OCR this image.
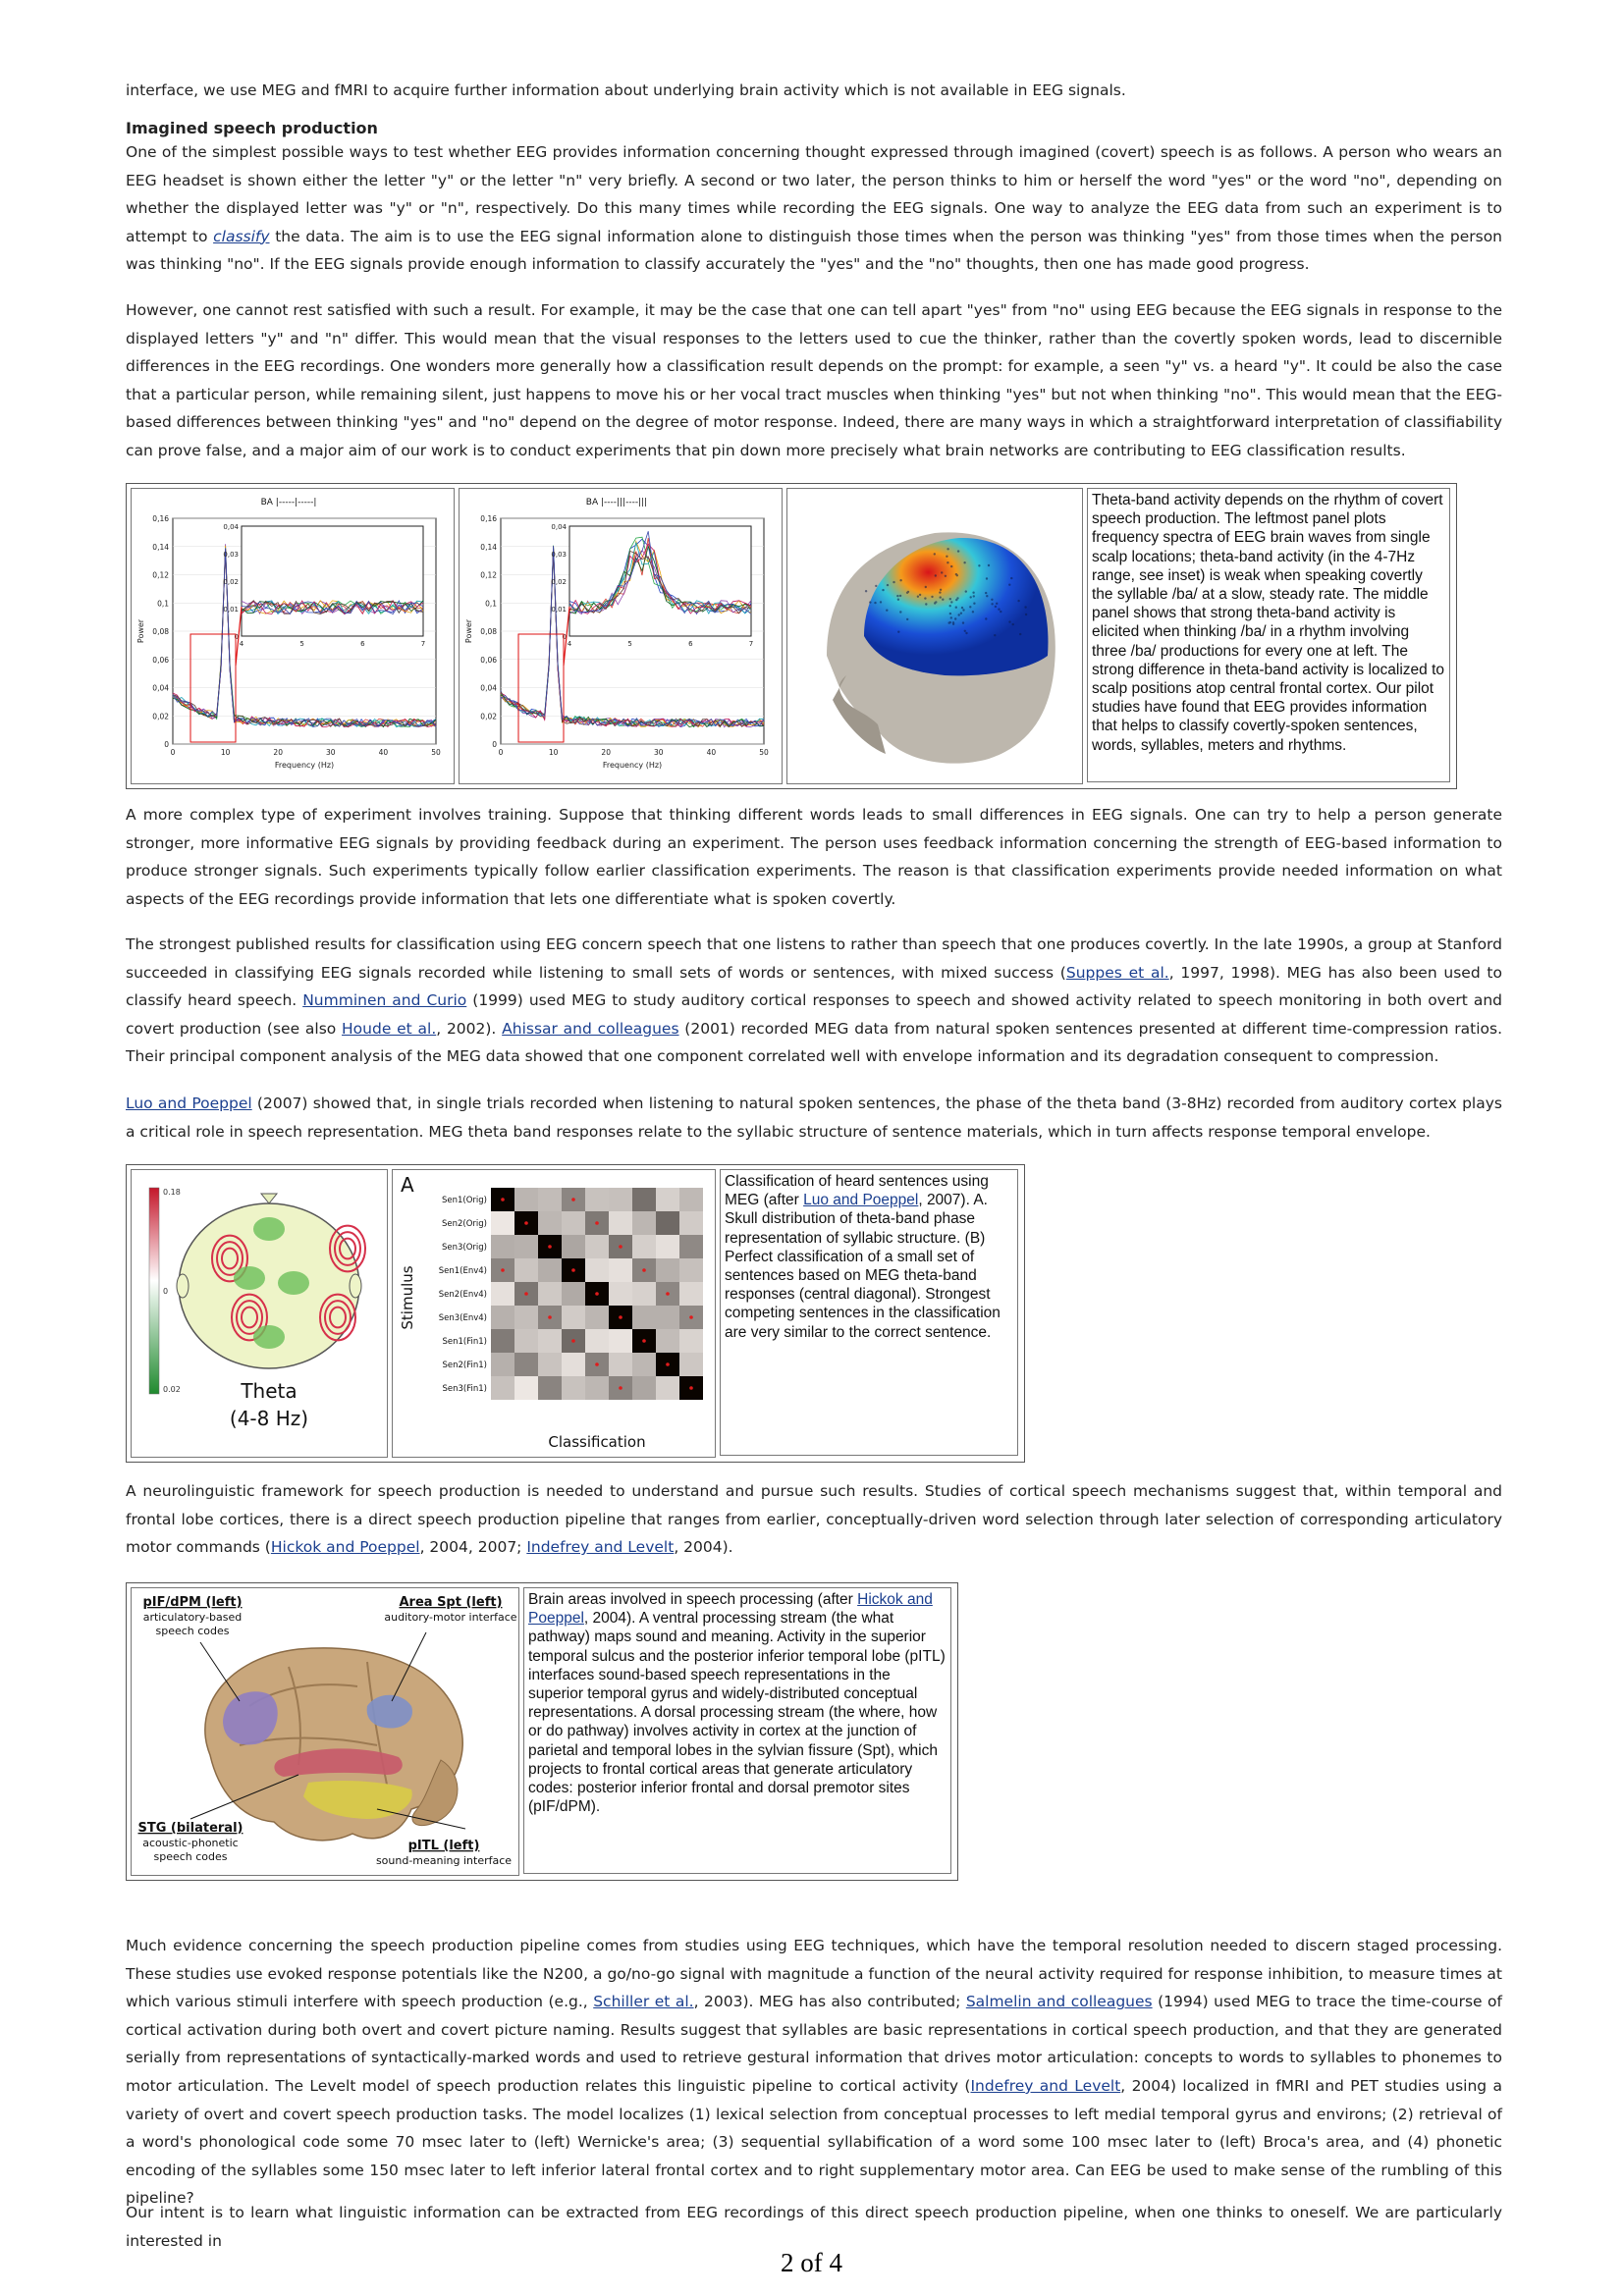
interface, we use MEG and fMRI to acquire further information about underlying brain activity which is not available in EEG signals.

Imagined speech production

One of the simplest possible ways to test whether EEG provides information concerning thought expressed through imagined (covert) speech is as follows. A person who wears an EEG headset is shown either the letter "y" or the letter "n" very briefly. A second or two later, the person thinks to him or herself the word "yes" or the word "no", depending on whether the displayed letter was "y" or "n", respectively. Do this many times while recording the EEG signals. One way to analyze the EEG data from such an experiment is to attempt to classify the data. The aim is to use the EEG signal information alone to distinguish those times when the person was thinking "yes" from those times when the person was thinking "no". If the EEG signals provide enough information to classify accurately the "yes" and the "no" thoughts, then one has made good progress.

However, one cannot rest satisfied with such a result. For example, it may be the case that one can tell apart "yes" from "no" using EEG because the EEG signals in response to the displayed letters "y" and "n" differ. This would mean that the visual responses to the letters used to cue the thinker, rather than the covertly spoken words, lead to discernible differences in the EEG recordings. One wonders more generally how a classification result depends on the prompt: for example, a seen "y" vs. a heard "y". It could be also the case that a particular person, while remaining silent, just happens to move his or her vocal tract muscles when thinking "yes" but not when thinking "no". This would mean that the EEG-based differences between thinking "yes" and "no" depend on the degree of motor response. Indeed, there are many ways in which a straightforward interpretation of classifiability can prove false, and a major aim of our work is to conduct experiments that pin down more precisely what brain networks are contributing to EEG classification results.

BA |-----|-----|
0,16
0,14
0,12
0,1
0,08
0,06
0,04
0,02
0
0	10	20	30	40	50
Power
Frequency (Hz)
0,04
0,03
0,02
0,01
0
4	5	6	7
BA |----|||----|||
0,16
0,14
0,12
0,1
0,08
0,06
0,04
0,02
0
0	10	20	30	40	50
Power
Frequency (Hz)
0,04
0,03
0,02
0,01
0
4	5	6	7
Theta-band activity depends on the rhythm of covert speech production. The leftmost panel plots frequency spectra of EEG brain waves from single scalp locations; theta-band activity (in the 4-7Hz range, see inset) is weak when speaking covertly the syllable /ba/ at a slow, steady rate. The middle panel shows that strong theta-band activity is elicited when thinking /ba/ in a rhythm involving three /ba/ productions for every one at left. The strong difference in theta-band activity is localized to scalp positions atop central frontal cortex. Our pilot studies have found that EEG provides information that helps to classify covertly-spoken sentences, words, syllables, meters and rhythms.

A more complex type of experiment involves training. Suppose that thinking different words leads to small differences in EEG signals. One can try to help a person generate stronger, more informative EEG signals by providing feedback during an experiment. The person uses feedback information concerning the strength of EEG-based information to produce stronger signals. Such experiments typically follow earlier classification experiments. The reason is that classification experiments provide needed information on what aspects of the EEG recordings provide information that lets one differentiate what is spoken covertly.

The strongest published results for classification using EEG concern speech that one listens to rather than speech that one produces covertly. In the late 1990s, a group at Stanford succeeded in classifying EEG signals recorded while listening to small sets of words or sentences, with mixed success (Suppes et al., 1997, 1998). MEG has also been used to classify heard speech. Numminen and Curio (1999) used MEG to study auditory cortical responses to speech and showed activity related to speech monitoring in both overt and covert production (see also Houde et al., 2002). Ahissar and colleagues (2001) recorded MEG data from natural spoken sentences presented at different time-compression ratios. Their principal component analysis of the MEG data showed that one component correlated well with envelope information and its degradation consequent to compression.

Luo and Poeppel (2007) showed that, in single trials recorded when listening to natural spoken sentences, the phase of the theta band (3-8Hz) recorded from auditory cortex plays a critical role in speech representation. MEG theta band responses relate to the syllabic structure of sentence materials, which in turn affects response temporal envelope.

0.18
0
0.02	Theta
(4-8 Hz)
A
Sen1(Orig)
Sen2(Orig)
Sen3(Orig)
Sen1(Env4)
Sen2(Env4)
Sen3(Env4)
Sen1(Fin1)
Sen2(Fin1)
Sen3(Fin1)
Stimulus
Classification
Classification of heard sentences using MEG (after Luo and Poeppel, 2007). A. Skull distribution of theta-band phase representation of syllabic structure. (B) Perfect classification of a small set of sentences based on MEG theta-band responses (central diagonal). Strongest competing sentences in the classification are very similar to the correct sentence.

A neurolinguistic framework for speech production is needed to understand and pursue such results. Studies of cortical speech mechanisms suggest that, within temporal and frontal lobe cortices, there is a direct speech production pipeline that ranges from earlier, conceptually-driven word selection through later selection of corresponding articulatory motor commands (Hickok and Poeppel, 2004, 2007; Indefrey and Levelt, 2004).

pIF/dPM (left)
articulatory-based
speech codes
Area Spt (left)
auditory-motor interface
STG (bilateral)
acoustic-phonetic
speech codes
pITL (left)
sound-meaning interface
Brain areas involved in speech processing (after Hickok and Poeppel, 2004). A ventral processing stream (the what pathway) maps sound and meaning. Activity in the superior temporal sulcus and the posterior inferior temporal lobe (pITL) interfaces sound-based speech representations in the superior temporal gyrus and widely-distributed conceptual representations. A dorsal processing stream (the where, how or do pathway) involves activity in cortex at the junction of parietal and temporal lobes in the sylvian fissure (Spt), which projects to frontal cortical areas that generate articulatory codes: posterior inferior frontal and dorsal premotor sites (pIF/dPM).

Much evidence concerning the speech production pipeline comes from studies using EEG techniques, which have the temporal resolution needed to discern staged processing. These studies use evoked response potentials like the N200, a go/no-go signal with magnitude a function of the neural activity required for response inhibition, to measure times at which various stimuli interfere with speech production (e.g., Schiller et al., 2003). MEG has also contributed; Salmelin and colleagues (1994) used MEG to trace the time-course of cortical activation during both overt and covert picture naming. Results suggest that syllables are basic representations in cortical speech production, and that they are generated serially from representations of syntactically-marked words and used to retrieve gestural information that drives motor articulation: concepts to words to syllables to phonemes to motor articulation. The Levelt model of speech production relates this linguistic pipeline to cortical activity (Indefrey and Levelt, 2004) localized in fMRI and PET studies using a variety of overt and covert speech production tasks. The model localizes (1) lexical selection from conceptual processes to left medial temporal gyrus and environs; (2) retrieval of a word's phonological code some 70 msec later to (left) Wernicke's area; (3) sequential syllabification of a word some 100 msec later to (left) Broca's area, and (4) phonetic encoding of the syllables some 150 msec later to left inferior lateral frontal cortex and to right supplementary motor area. Can EEG be used to make sense of the rumbling of this pipeline?

Our intent is to learn what linguistic information can be extracted from EEG recordings of this direct speech production pipeline, when one thinks to oneself. We are particularly interested in

2 of 4
